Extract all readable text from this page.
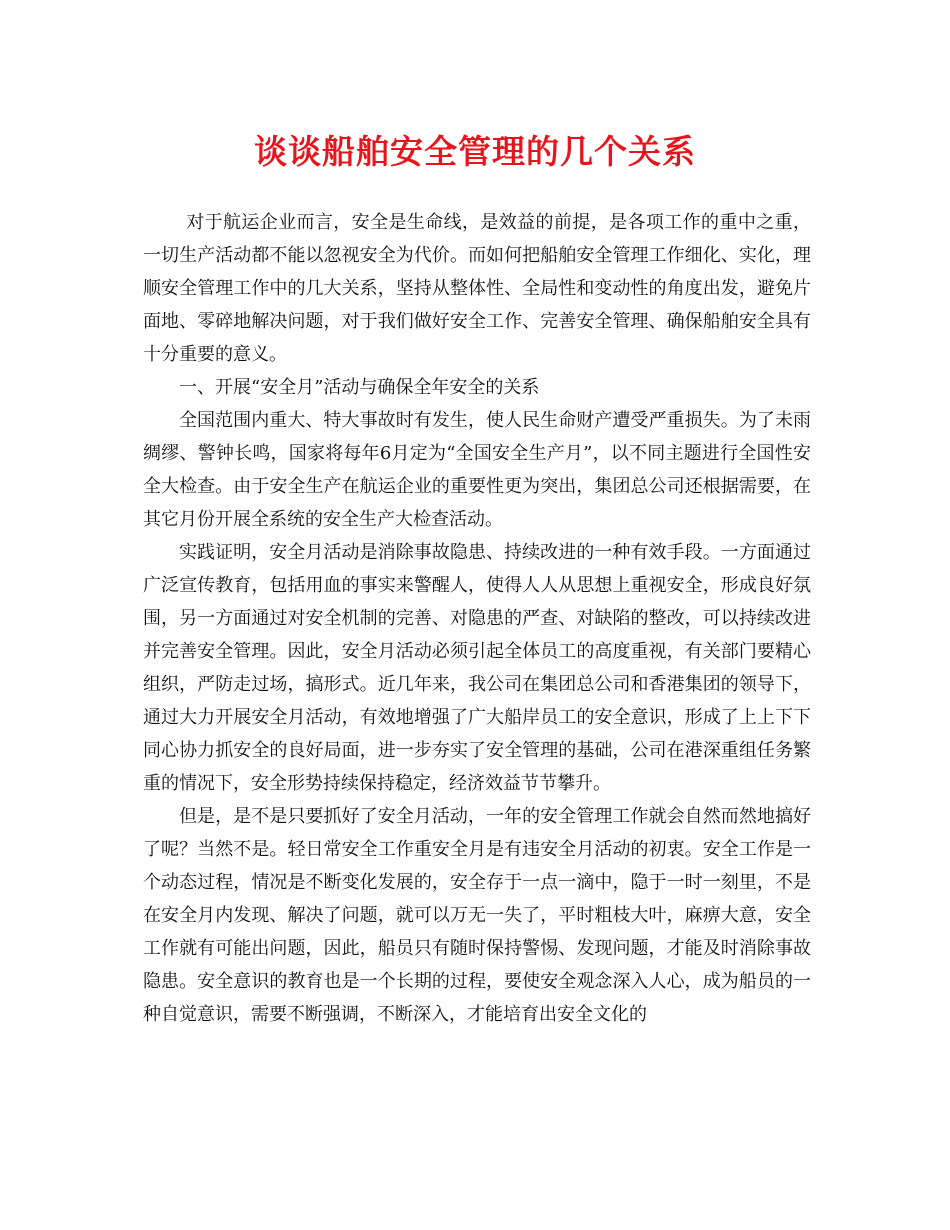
谈谈船舶安全管理的几个关系

对于航运企业而言，安全是生命线，是效益的前提，是各项工作的重中之重，一切生产活动都不能以忽视安全为代价。而如何把船舶安全管理工作细化、实化，理顺安全管理工作中的几大关系，坚持从整体性、全局性和变动性的角度出发，避免片面地、零碎地解决问题，对于我们做好安全工作、完善安全管理、确保船舶安全具有十分重要的意义。

一、开展“安全月”活动与确保全年安全的关系

全国范围内重大、特大事故时有发生，使人民生命财产遭受严重损失。为了未雨绸缪、警钟长鸣，国家将每年6月定为“全国安全生产月”，以不同主题进行全国性安全大检查。由于安全生产在航运企业的重要性更为突出，集团总公司还根据需要，在其它月份开展全系统的安全生产大检查活动。

实践证明，安全月活动是消除事故隐患、持续改进的一种有效手段。一方面通过广泛宣传教育，包括用血的事实来警醒人，使得人人从思想上重视安全，形成良好氛围，另一方面通过对安全机制的完善、对隐患的严查、对缺陷的整改，可以持续改进并完善安全管理。因此，安全月活动必须引起全体员工的高度重视，有关部门要精心组织，严防走过场，搞形式。近几年来，我公司在集团总公司和香港集团的领导下，通过大力开展安全月活动，有效地增强了广大船岸员工的安全意识，形成了上上下下同心协力抓安全的良好局面，进一步夯实了安全管理的基础，公司在港深重组任务繁重的情况下，安全形势持续保持稳定，经济效益节节攀升。

但是，是不是只要抓好了安全月活动，一年的安全管理工作就会自然而然地搞好了呢？当然不是。轻日常安全工作重安全月是有违安全月活动的初衷。安全工作是一个动态过程，情况是不断变化发展的，安全存于一点一滴中，隐于一时一刻里，不是在安全月内发现、解决了问题，就可以万无一失了，平时粗枝大叶，麻痹大意，安全工作就有可能出问题，因此，船员只有随时保持警惕、发现问题，才能及时消除事故隐患。安全意识的教育也是一个长期的过程，要使安全观念深入人心，成为船员的一种自觉意识，需要不断强调，不断深入，才能培育出安全文化的
